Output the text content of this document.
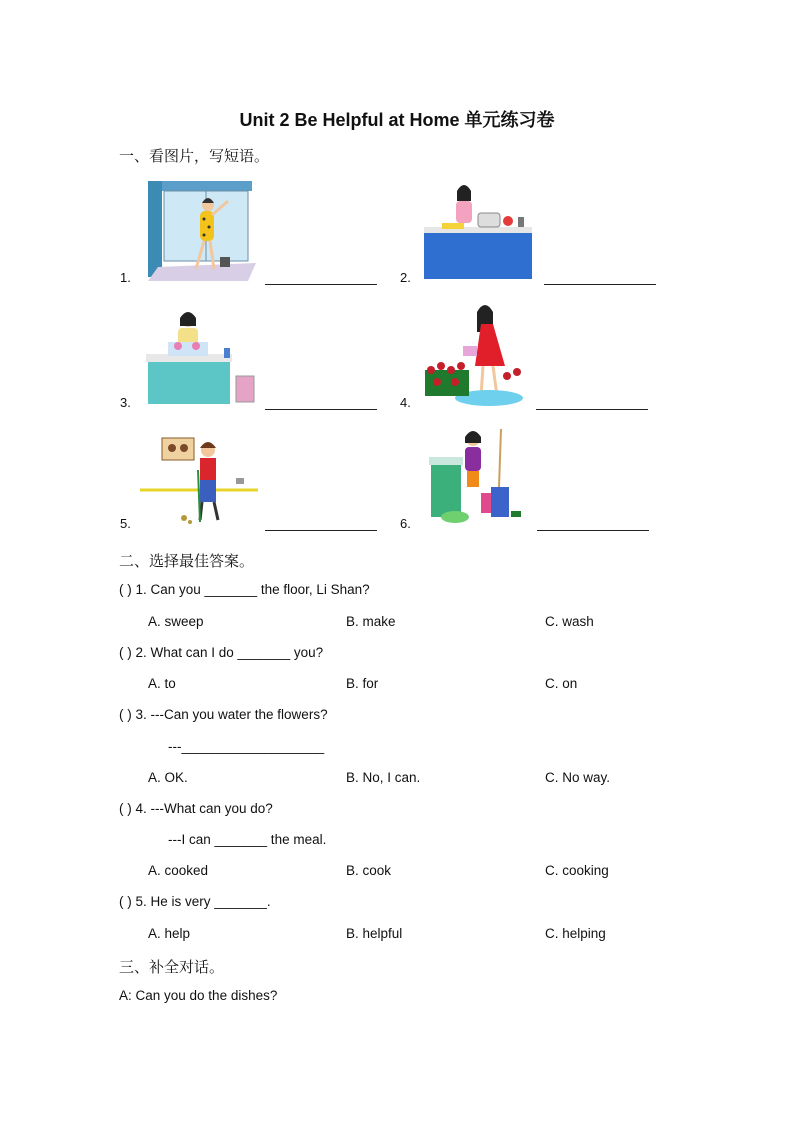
Unit 2 Be Helpful at Home 单元练习卷
一、看图片，写短语。
1.	2.
3.	4.
5.	6.
二、选择最佳答案。
( ) 1. Can you _______ the floor, Li Shan?
A. sweep	B. make	C. wash
( ) 2. What can I do _______ you?
A. to	B. for	C. on
( ) 3. ---Can you water the flowers?
---___________________
A. OK.	B. No, I can.	C. No way.
( ) 4. ---What can you do?
---I can _______ the meal.
A. cooked	B. cook	C. cooking
( ) 5. He is very _______.
A. help	B. helpful	C. helping
三、补全对话。
A: Can you do the dishes?
